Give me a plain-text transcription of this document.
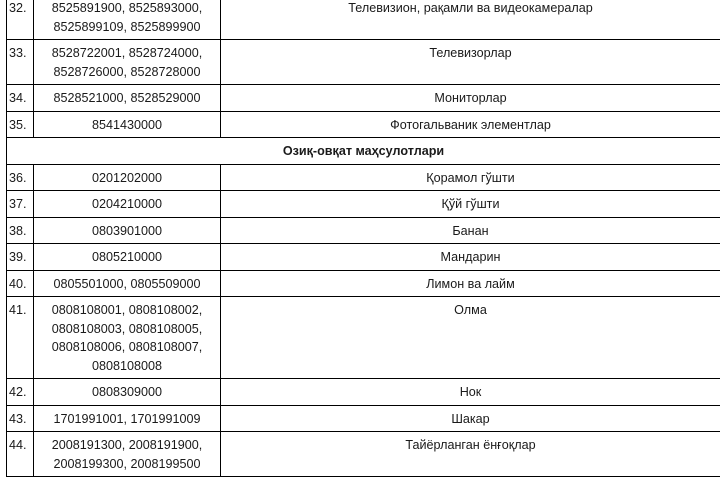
32.	8525891900, 8525893000,
8525899109, 8525899900	Телевизион, рақамли ва видеокамералар
33.	8528722001, 8528724000,
8528726000, 8528728000	Телевизорлар
34.	8528521000, 8528529000	Мониторлар
35.	8541430000	Фотогальваник элементлар
Озиқ-овқат маҳсулотлари		
36.	0201202000	Қорамол гўшти
37.	0204210000	Қўй гўшти
38.	0803901000	Банан
39.	0805210000	Мандарин
40.	0805501000, 0805509000	Лимон ва лайм
41.	0808108001, 0808108002,
0808108003, 0808108005,
0808108006, 0808108007,
0808108008	Олма
42.	0808309000	Нок
43.	1701991001, 1701991009	Шакар
44.	2008191300, 2008191900,
2008199300, 2008199500	Тайёрланган ёнғоқлар
